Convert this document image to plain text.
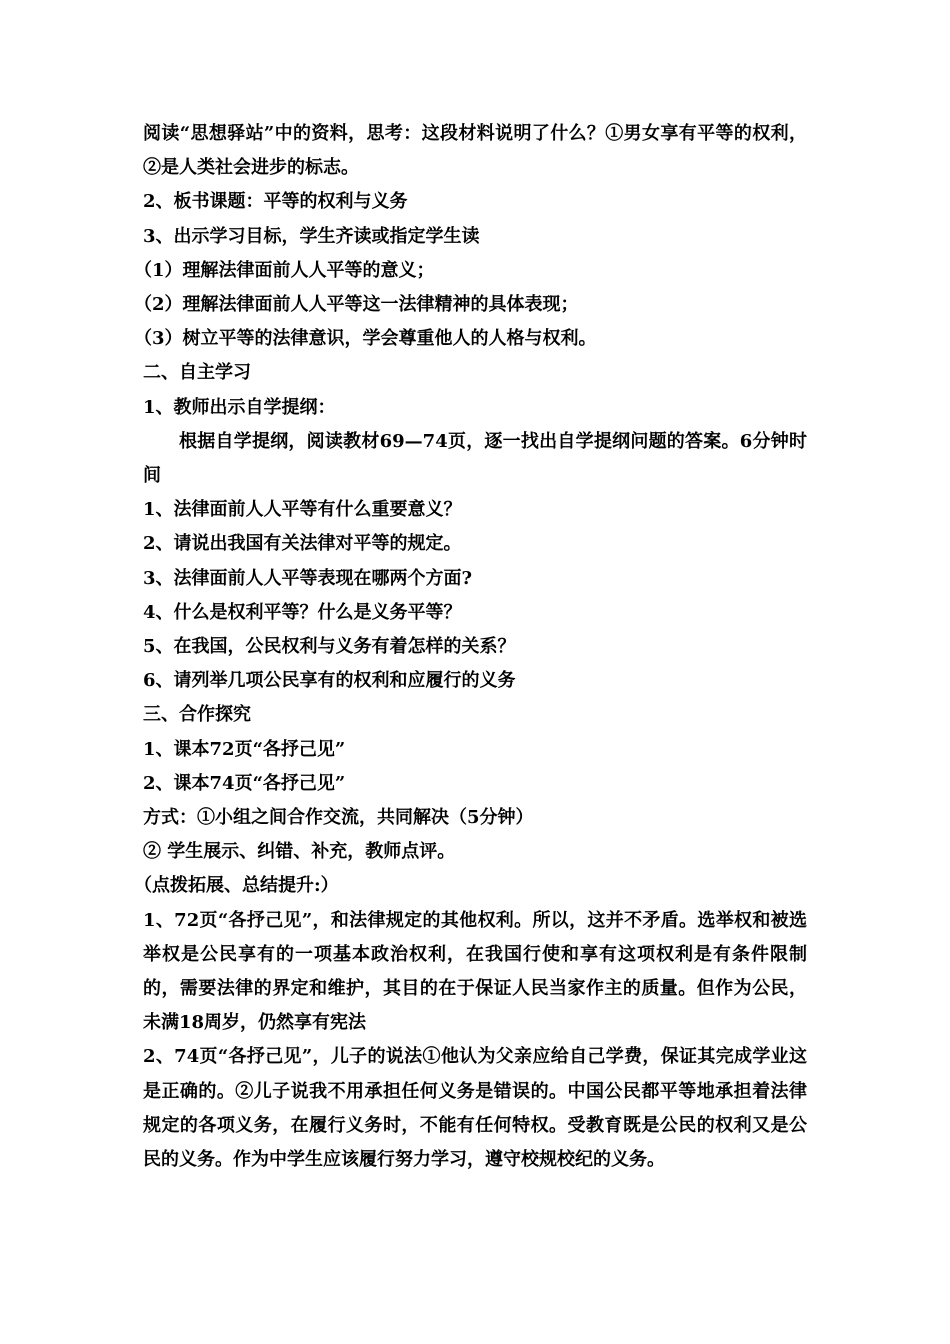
阅读“思想驿站”中的资料，思考：这段材料说明了什么？①男女享有平等的权利，②是人类社会进步的标志。

2、板书课题：平等的权利与义务

3、出示学习目标，学生齐读或指定学生读

（1）理解法律面前人人平等的意义；

（2）理解法律面前人人平等这一法律精神的具体表现；

（3）树立平等的法律意识，学会尊重他人的人格与权利。

二、自主学习

1、教师出示自学提纲：

根据自学提纲，阅读教材69—74页，逐一找出自学提纲问题的答案。6分钟时间

1、法律面前人人平等有什么重要意义？

2、请说出我国有关法律对平等的规定。

3、法律面前人人平等表现在哪两个方面?

4、什么是权利平等？什么是义务平等？

5、在我国，公民权利与义务有着怎样的关系？

6、请列举几项公民享有的权利和应履行的义务

三、合作探究

1、课本72页“各抒己见”

2、课本74页“各抒己见”

方式：①小组之间合作交流，共同解决（5分钟）

② 学生展示、纠错、补充，教师点评。

（点拨拓展、总结提升:）

1、72页“各抒己见”，和法律规定的其他权利。所以，这并不矛盾。选举权和被选举权是公民享有的一项基本政治权利，在我国行使和享有这项权利是有条件限制的，需要法律的界定和维护，其目的在于保证人民当家作主的质量。但作为公民，未满18周岁，仍然享有宪法

2、74页“各抒己见”，儿子的说法①他认为父亲应给自己学费，保证其完成学业这是正确的。②儿子说我不用承担任何义务是错误的。中国公民都平等地承担着法律规定的各项义务，在履行义务时，不能有任何特权。受教育既是公民的权利又是公民的义务。作为中学生应该履行努力学习，遵守校规校纪的义务。
